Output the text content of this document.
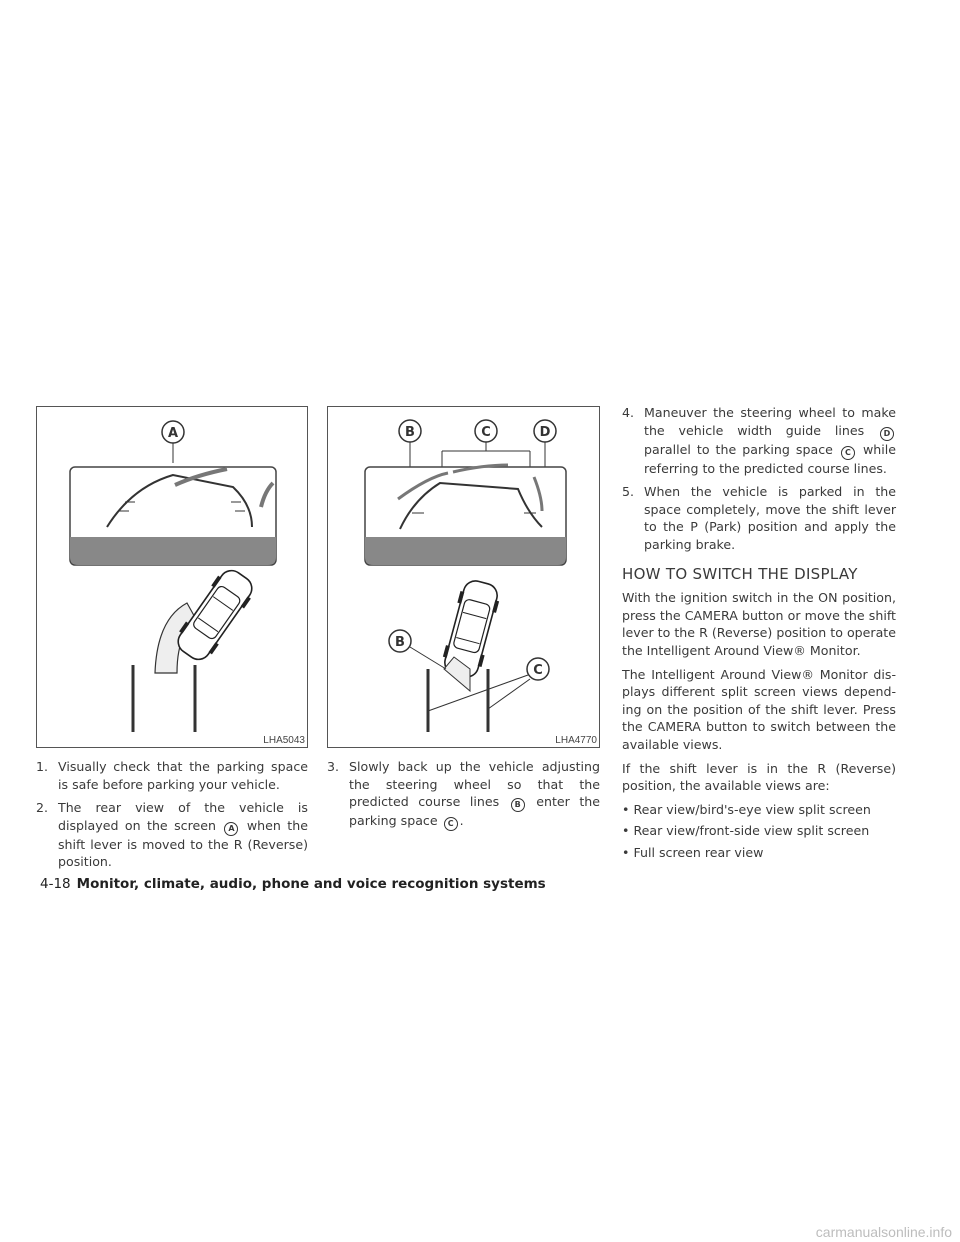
A
LHA5043
B	C	D
B
C
LHA4770

1. Visually check that the parking space is safe before parking your vehicle.

2. The rear view of the vehicle is displayed on the screen A when the shift lever is moved to the R (Reverse) position.

3. Slowly back up the vehicle adjusting the steering wheel so that the predicted course lines B enter the parking space C .

4. Maneuver the steering wheel to make the vehicle width guide lines D parallel to the parking space C while referring to the predicted course lines.

5. When the vehicle is parked in the space completely, move the shift lever to the P (Park) position and apply the parking brake.

HOW TO SWITCH THE DISPLAY

With the ignition switch in the ON position, press the CAMERA button or move the shift lever to the R (Reverse) position to operate the Intelligent Around View® Monitor.

The Intelligent Around View® Monitor dis-plays different split screen views depend-ing on the position of the shift lever. Press the CAMERA button to switch between the available views.

If the shift lever is in the R (Reverse) position, the available views are:

• Rear view/bird's-eye view split screen
• Rear view/front-side view split screen
• Full screen rear view
4-18 Monitor, climate, audio, phone and voice recognition systems
carmanualsonline.info
